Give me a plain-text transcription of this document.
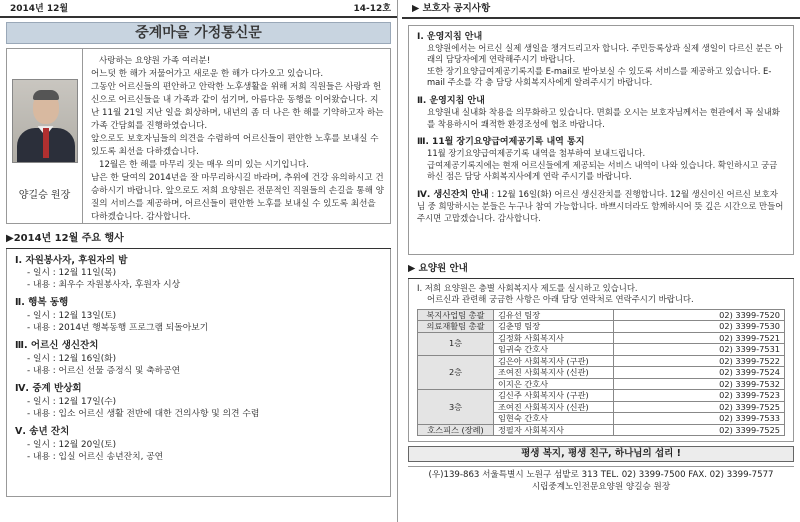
2014년 12월	14-12호
중계마을 가정통신문
양길승 원장

사랑하는 요양원 가족 여러분!

어느덧 한 해가 저물어가고 새로운 한 해가 다가오고 있습니다.

그동안 어르신들의 편안하고 안락한 노후생활을 위해 저희 직원들은 사랑과 헌신으로 어르신들을 내 가족과 같이 섬기며, 아름다운 동행을 이어왔습니다. 지난 11월 21일 지난 일을 회상하며, 내년의 좀 더 나은 한 해를 기약하고자 하는 가족 간담회를 진행하였습니다.

앞으로도 보호자님들의 의견을 수렴하여 어르신들이 편안한 노후를 보내실 수 있도록 최선을 다하겠습니다.

12월은 한 해를 마무리 짓는 매우 의미 있는 시기입니다.

남은 한 달여의 2014년을 잘 마무리하시길 바라며, 추위에 건강 유의하시고 건승하시기 바랍니다. 앞으로도 저희 요양원은 전문적인 직원들의 손길을 통해 양질의 서비스를 제공하며, 어르신들이 편안한 노후를 보내실 수 있도록 최선을 다하겠습니다. 감사합니다.

▶2014년 12월 주요 행사
Ⅰ. 자원봉사자, 후원자의 밤
- 일시 : 12월 11일(목)
- 내용 : 최우수 자원봉사자, 후원자 시상
Ⅱ. 행복 동행
- 일시 : 12월 13일(토)
- 내용 : 2014년 행복동행 프로그램 되돌아보기
Ⅲ. 어르신 생신잔치
- 일시 : 12월 16일(화)
- 내용 : 어르신 선물 증정식 및 축하공연
Ⅳ. 중계 반상회
- 일시 : 12월 17일(수)
- 내용 : 입소 어르신 생활 전반에 대한 건의사항 및 의견 수렴
Ⅴ. 송년 잔치
- 일시 : 12월 20일(토)
- 내용 : 입실 어르신 송년잔치, 공연
▶ 보호자 공지사항
Ⅰ. 운영지침 안내
요양원에서는 어르신 실제 생일을 챙겨드리고자 합니다. 주민등록상과 실제 생일이 다르신 분은 아래의 담당자에게 연락해주시기 바랍니다.
또한 장기요양급여제공기록지를 E-mail로 받아보실 수 있도록 서비스를 제공하고 있습니다. E-mail 주소를 각 층 담당 사회복지사에게 알려주시기 바랍니다.
Ⅱ. 운영지침 안내
요양원내 실내화 착용을 의무화하고 있습니다. 면회를 오시는 보호자님께서는 현관에서 꼭 실내화를 착용하시어 쾌적한 환경조성에 협조 바랍니다.
Ⅲ. 11월 장기요양급여제공기록 내역 통지
11월 장기요양급여제공기록 내역을 첨부하여 보내드립니다.
급여제공기록지에는 현재 어르신들에게 제공되는 서비스 내역이 나와 있습니다. 확인하시고 궁금하신 점은 담당 사회복지사에게 연락 주시기를 바랍니다.
Ⅳ. 생신잔치 안내 : 12월 16일(화) 어르신 생신잔치를 진행합니다. 12월 생신이신 어르신 보호자님 중 희망하시는 분들은 누구나 참여 가능합니다. 바쁘시더라도 함께하시어 뜻 깊은 시간으로 만들어 주시면 고맙겠습니다. 감사합니다.
▶ 요양원 안내
Ⅰ. 저희 요양원은 층별 사회복지사 제도를 실시하고 있습니다.
어르신과 관련해 궁금한 사항은 아래 담당 연락처로 연락주시기 바랍니다.
복지사업팀 총괄	김유선 팀장	02) 3399-7520
의료재활팀 총괄	김춘명 팀장	02) 3399-7530
1층	김정화 사회복지사	02) 3399-7521
	임귀숙 간호사	02) 3399-7531
2층	김은아 사회복지사 (구관)	02) 3399-7522
	조여진 사회복지사 (신관)	02) 3399-7524
	이지은 간호사	02) 3399-7532
3층	김신주 사회복지사 (구관)	02) 3399-7523
	조여진 사회복지사 (신관)	02) 3399-7525
	임현숙 간호사	02) 3399-7533
호스피스 (장례)	정필자 사회복지사	02) 3399-7525
평생 복지, 평생 친구, 하나님의 섭리 !
(우)139-863 서울특별시 노원구 섬밭로 313 TEL. 02) 3399-7500 FAX. 02) 3399-7577
시립중계노인전문요양원 양길승 원장
